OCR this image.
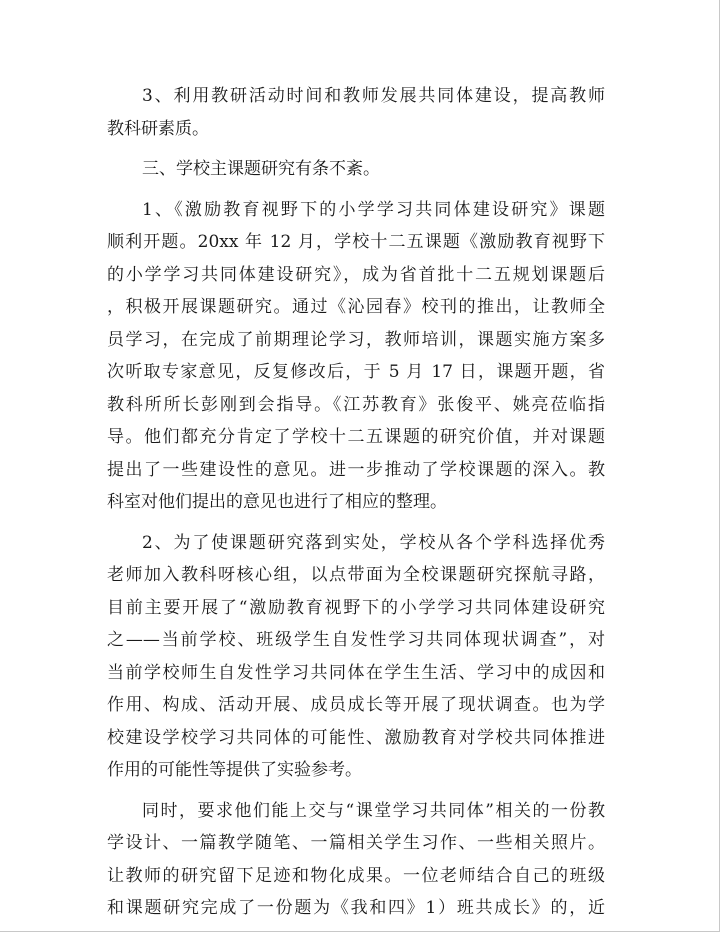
3、利用教研活动时间和教师发展共同体建设，提高教师
教科研素质。
三、学校主课题研究有条不紊。
1、《激励教育视野下的小学学习共同体建设研究》课题
顺利开题。20xx 年 12 月，学校十二五课题《激励教育视野下
的小学学习共同体建设研究》，成为省首批十二五规划课题后
，积极开展课题研究。通过《沁园春》校刊的推出，让教师全
员学习，在完成了前期理论学习，教师培训，课题实施方案多
次听取专家意见，反复修改后，于 5 月 17 日，课题开题，省
教科所所长彭刚到会指导。《江苏教育》张俊平、姚亮莅临指
导。他们都充分肯定了学校十二五课题的研究价值，并对课题
提出了一些建设性的意见。进一步推动了学校课题的深入。教
科室对他们提出的意见也进行了相应的整理。
2、为了使课题研究落到实处，学校从各个学科选择优秀
老师加入教科呀核心组，以点带面为全校课题研究探航寻路，
目前主要开展了“激励教育视野下的小学学习共同体建设研究
之——当前学校、班级学生自发性学习共同体现状调查”，对
当前学校师生自发性学习共同体在学生生活、学习中的成因和
作用、构成、活动开展、成员成长等开展了现状调查。也为学
校建设学校学习共同体的可能性、激励教育对学校共同体推进
作用的可能性等提供了实验参考。
同时，要求他们能上交与“课堂学习共同体”相关的一份教
学设计、一篇教学随笔、一篇相关学生习作、一些相关照片。
让教师的研究留下足迹和物化成果。一位老师结合自己的班级
和课题研究完成了一份题为《我和四》1）班共成长》的，近
